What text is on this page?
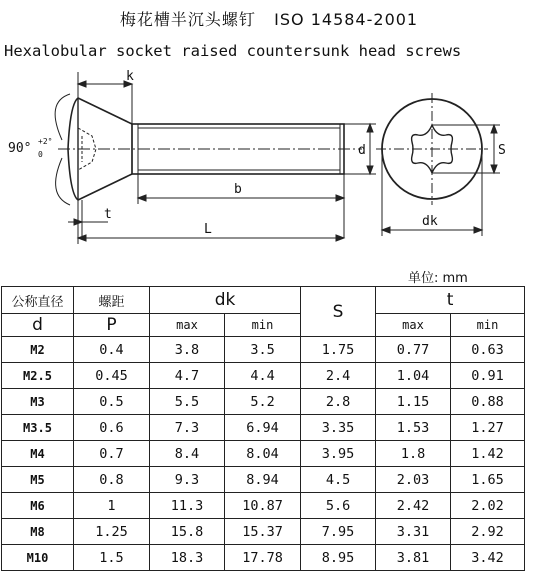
梅花槽半沉头螺钉 ISO 14584-2001
Hexalobular socket raised countersunk head screws
90° +2°
0
k
b
t
L
d	S
dk
单位: mm
公称直径	螺距	dk		S	t	
d	P	max	min		max	min
M2	0.4	3.8	3.5	1.75	0.77	0.63
M2.5	0.45	4.7	4.4	2.4	1.04	0.91
M3	0.5	5.5	5.2	2.8	1.15	0.88
M3.5	0.6	7.3	6.94	3.35	1.53	1.27
M4	0.7	8.4	8.04	3.95	1.8	1.42
M5	0.8	9.3	8.94	4.5	2.03	1.65
M6	1	11.3	10.87	5.6	2.42	2.02
M8	1.25	15.8	15.37	7.95	3.31	2.92
M10	1.5	18.3	17.78	8.95	3.81	3.42
